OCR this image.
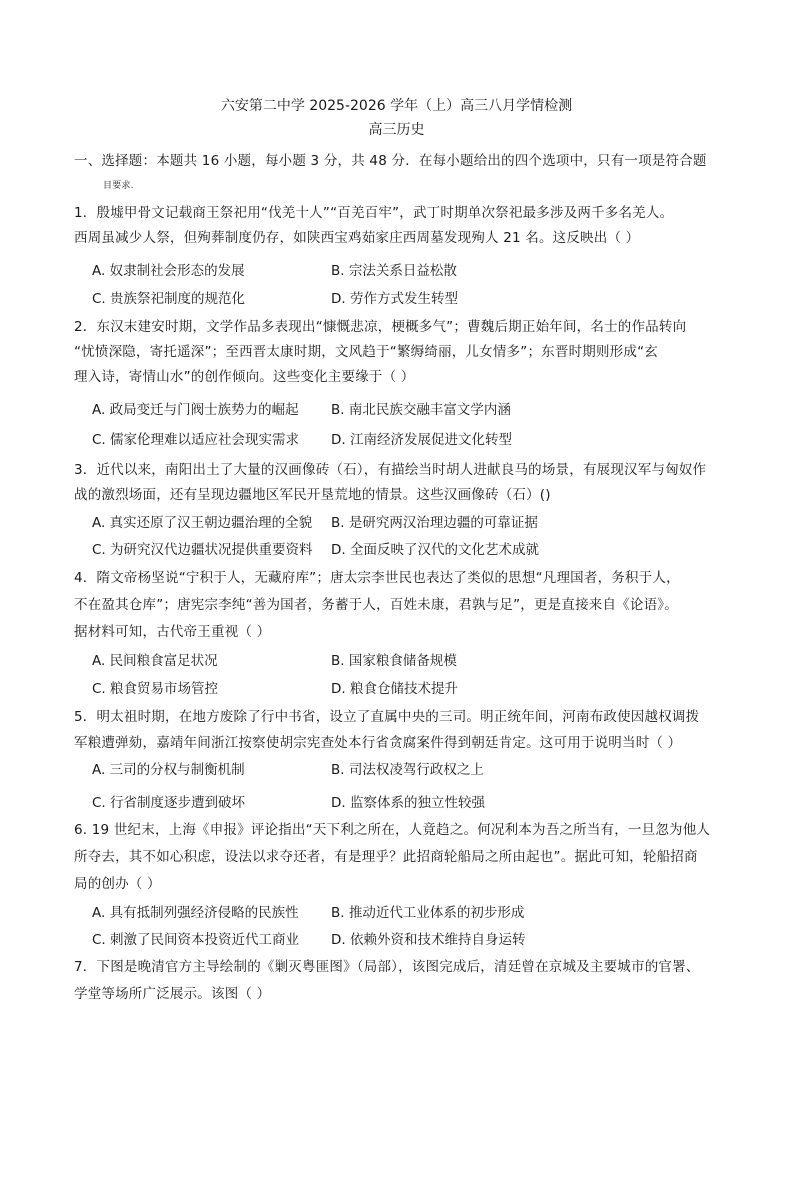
六安第二中学 2025-2026 学年（上）高三八月学情检测
高三历史
一、选择题：本题共 16 小题，每小题 3 分，共 48 分．在每小题给出的四个选项中，只有一项是符合题
目要求.
1．殷墟甲骨文记载商王祭祀用“伐羌十人”“百羌百牢”，武丁时期单次祭祀最多涉及两千多名羌人。
西周虽减少人祭，但殉葬制度仍存，如陕西宝鸡茹家庄西周墓发现殉人 21 名。这反映出（ ）
A. 奴隶制社会形态的发展	B. 宗法关系日益松散
C. 贵族祭祀制度的规范化	D. 劳作方式发生转型
2．东汉末建安时期，文学作品多表现出“慷慨悲凉，梗概多气”；曹魏后期正始年间，名士的作品转向
“忧愤深隐，寄托遥深”；至西晋太康时期，文风趋于“繁缛绮丽，儿女情多”；东晋时期则形成“玄
理入诗，寄情山水”的创作倾向。这些变化主要缘于（ ）
A. 政局变迁与门阀士族势力的崛起 B. 南北民族交融丰富文学内涵
C. 儒家伦理难以适应社会现实需求 D. 江南经济发展促进文化转型
3．近代以来，南阳出土了大量的汉画像砖（石），有描绘当时胡人进献良马的场景，有展现汉军与匈奴作
战的激烈场面，还有呈现边疆地区军民开垦荒地的情景。这些汉画像砖（石）()
A. 真实还原了汉王朝边疆治理的全貌 B. 是研究两汉治理边疆的可靠证据
C. 为研究汉代边疆状况提供重要资料 D. 全面反映了汉代的文化艺术成就
4．隋文帝杨坚说“宁积于人，无藏府库”；唐太宗李世民也表达了类似的思想“凡理国者，务积于人，
不在盈其仓库”；唐宪宗李纯“善为国者，务蓄于人，百姓未康，君孰与足”，更是直接来自《论语》。
据材料可知，古代帝王重视（ ）
A. 民间粮食富足状况	B. 国家粮食储备规模
C. 粮食贸易市场管控	D. 粮食仓储技术提升
5．明太祖时期，在地方废除了行中书省，设立了直属中央的三司。明正统年间，河南布政使因越权调拨
军粮遭弹劾，嘉靖年间浙江按察使胡宗宪查处本行省贪腐案件得到朝廷肯定。这可用于说明当时（ ）
A. 三司的分权与制衡机制	B. 司法权凌驾行政权之上
C. 行省制度逐步遭到破坏	D. 监察体系的独立性较强
6. 19 世纪末，上海《申报》评论指出“天下利之所在，人竟趋之。何况利本为吾之所当有，一旦忽为他人
所夺去，其不如心积虑，设法以求夺还者，有是理乎？此招商轮船局之所由起也”。据此可知，轮船招商
局的创办（ ）
A. 具有抵制列强经济侵略的民族性 B. 推动近代工业体系的初步形成
C. 刺激了民间资本投资近代工商业 D. 依赖外资和技术维持自身运转
7．下图是晚清官方主导绘制的《剿灭粤匪图》（局部），该图完成后，清廷曾在京城及主要城市的官署、
学堂等场所广泛展示。该图（ ）
